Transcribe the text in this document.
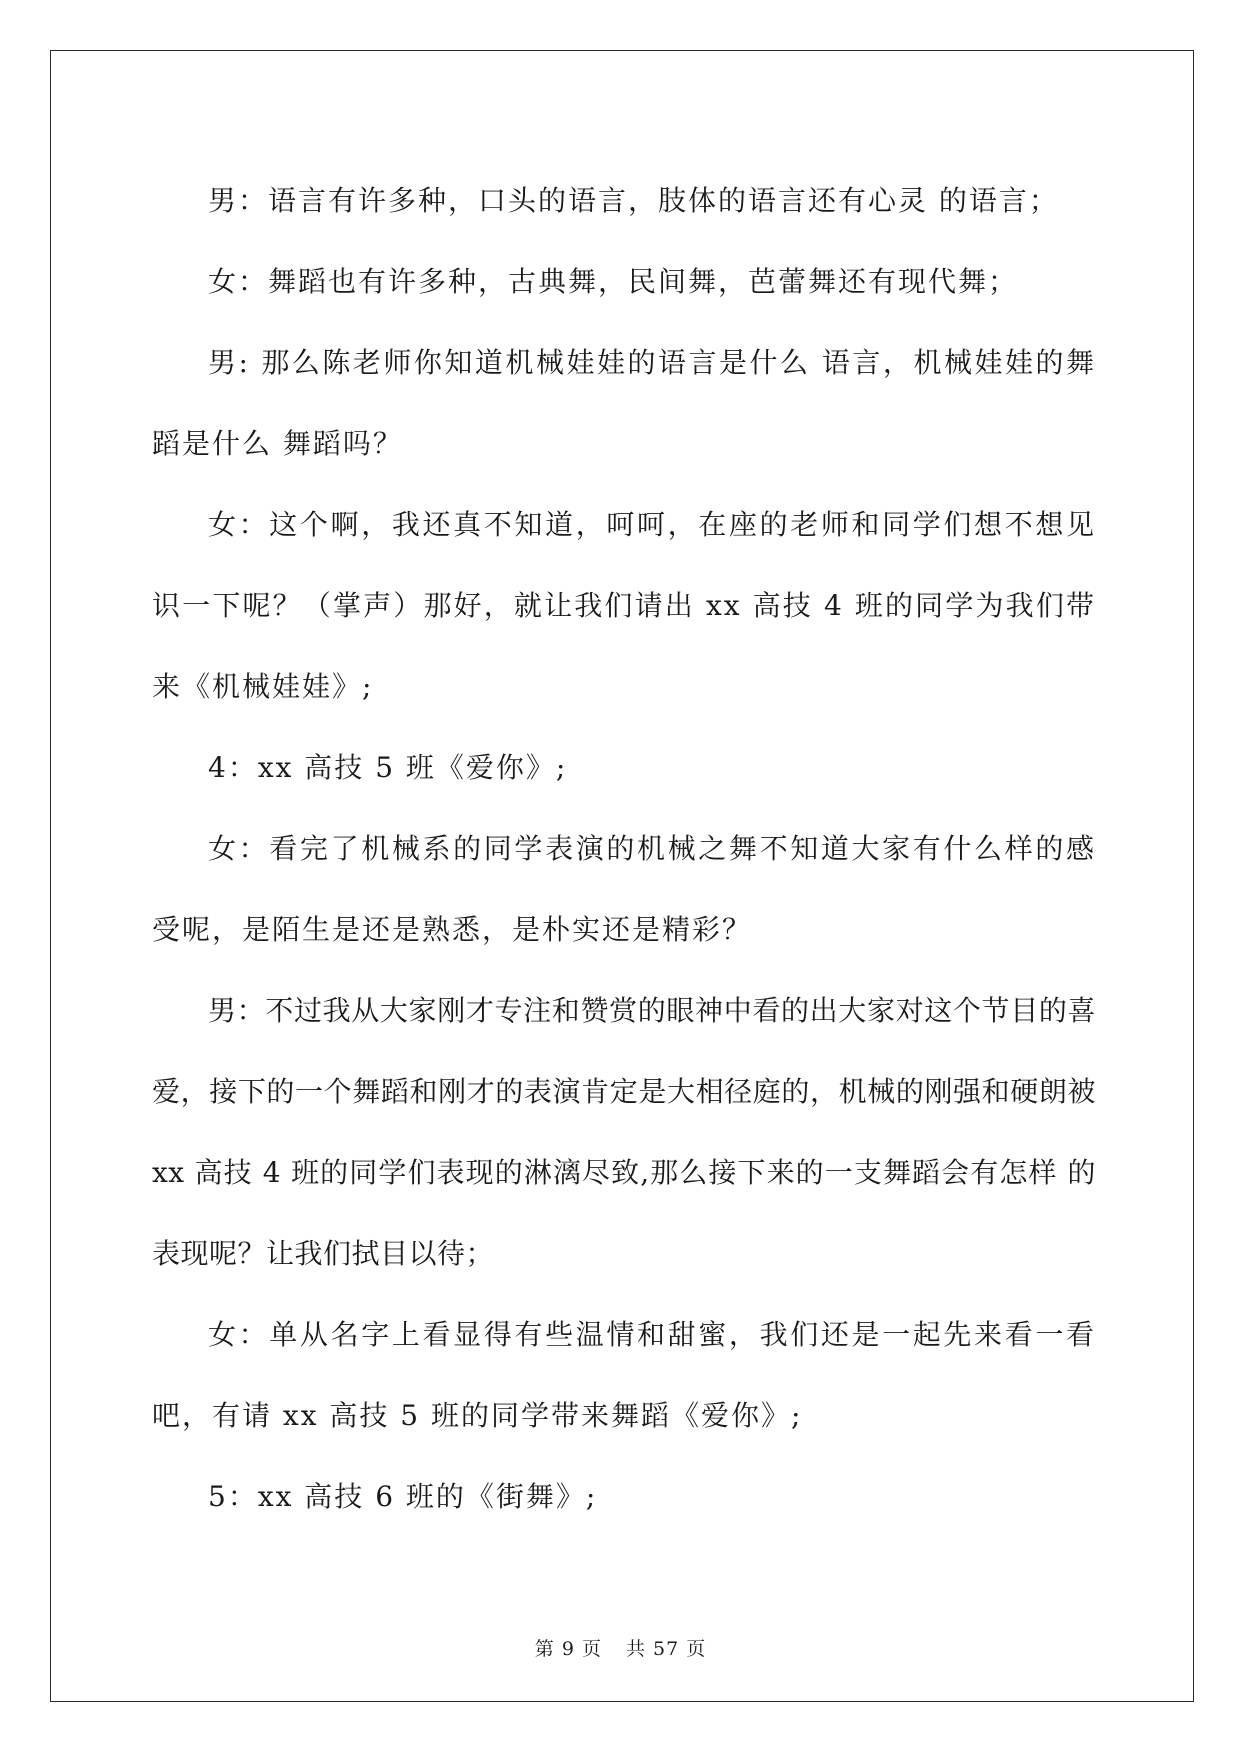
男：语言有许多种，口头的语言，肢体的语言还有心灵 的语言；

女：舞蹈也有许多种，古典舞，民间舞，芭蕾舞还有现代舞；

男: 那么陈老师你知道机械娃娃的语言是什么 语言，机械娃娃的舞蹈是什么 舞蹈吗？

女：这个啊，我还真不知道，呵呵，在座的老师和同学们想不想见识一下呢？（掌声）那好，就让我们请出 xx 高技 4 班的同学为我们带来《机械娃娃》;

4：xx 高技 5 班《爱你》;

女：看完了机械系的同学表演的机械之舞不知道大家有什么样的感受呢，是陌生是还是熟悉，是朴实还是精彩？

男：不过我从大家刚才专注和赞赏的眼神中看的出大家对这个节目的喜爱，接下的一个舞蹈和刚才的表演肯定是大相径庭的，机械的刚强和硬朗被 xx 高技 4 班的同学们表现的淋漓尽致,那么接下来的一支舞蹈会有怎样 的表现呢？让我们拭目以待；

女：单从名字上看显得有些温情和甜蜜，我们还是一起先来看一看吧，有请 xx 高技 5 班的同学带来舞蹈《爱你》;

5：xx 高技 6 班的《街舞》;

第 9 页 共 57 页
